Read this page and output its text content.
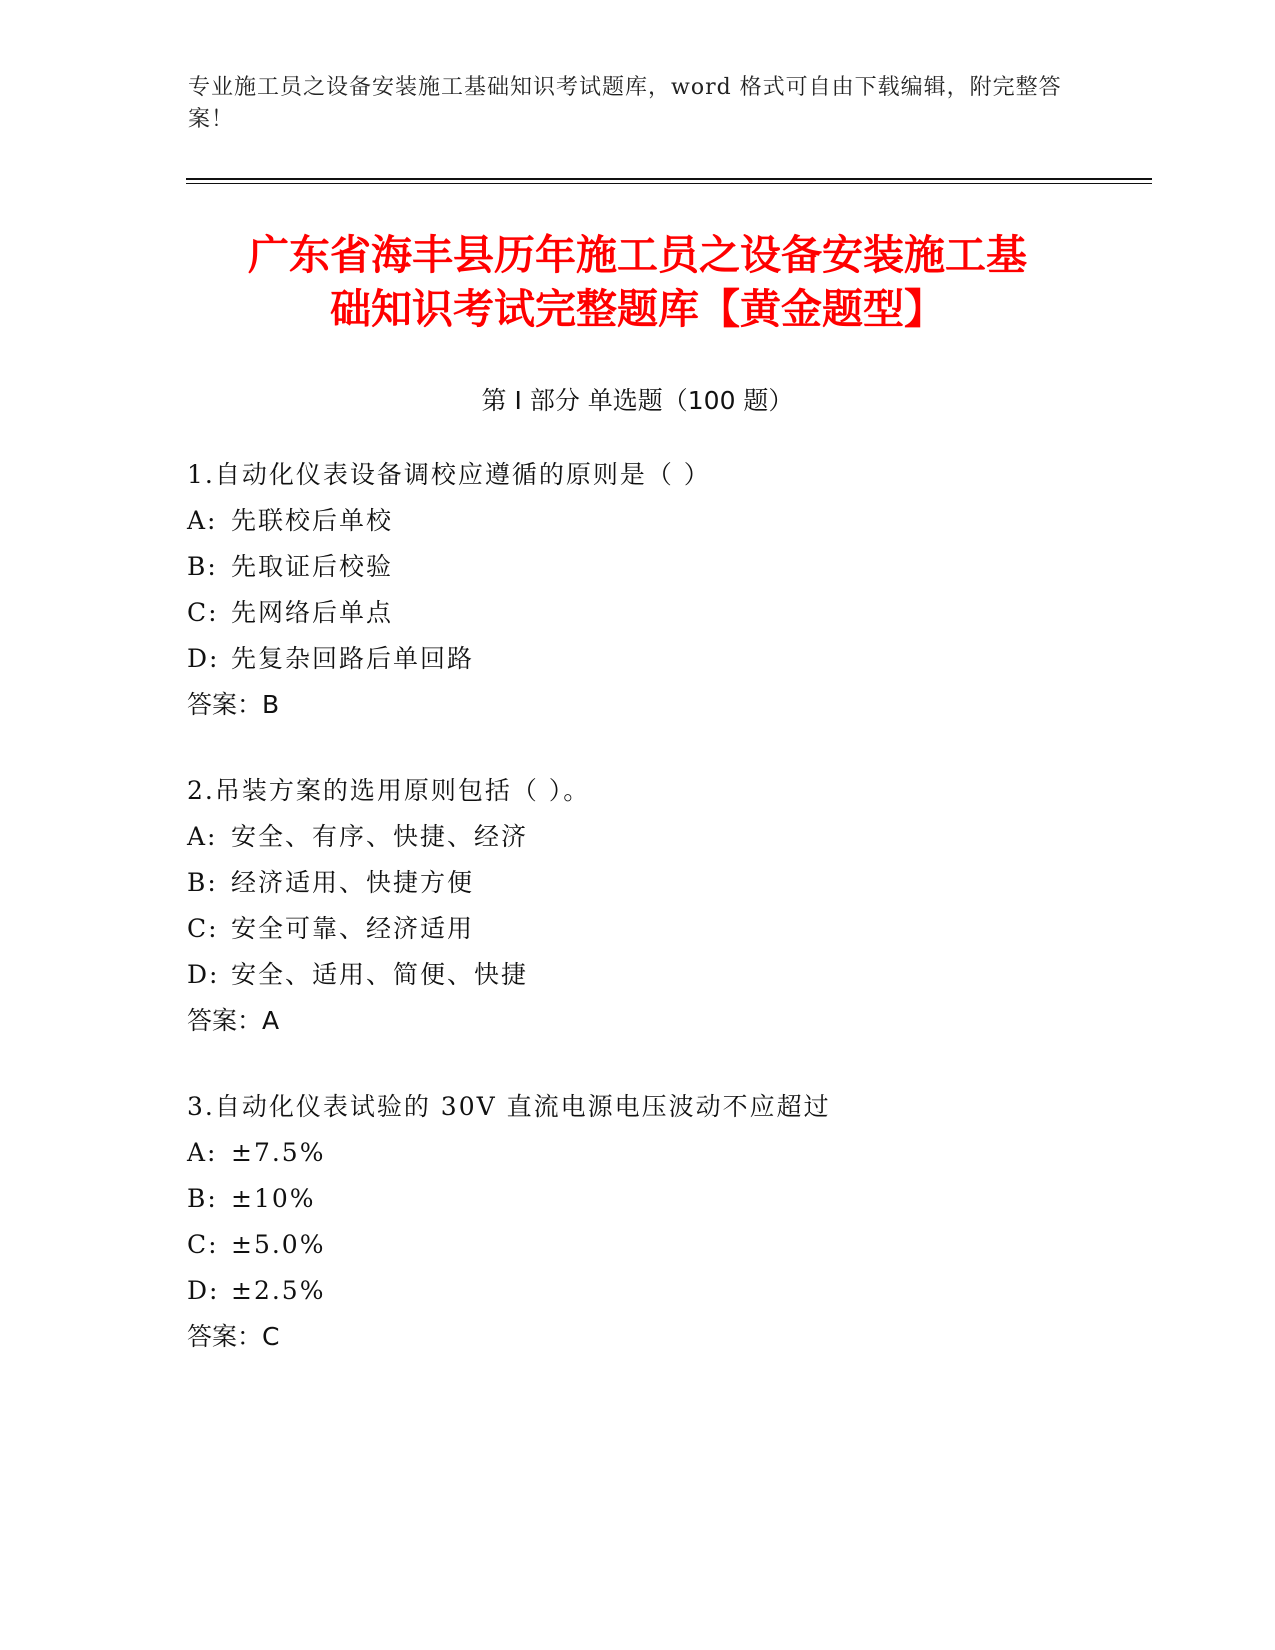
专业施工员之设备安装施工基础知识考试题库，word 格式可自由下载编辑，附完整答案！
广东省海丰县历年施工员之设备安装施工基
础知识考试完整题库【黄金题型】
第 I 部分 单选题（100 题）
1.自动化仪表设备调校应遵循的原则是（ ）
A: 先联校后单校
B: 先取证后校验
C: 先网络后单点
D: 先复杂回路后单回路
答案：B
2.吊装方案的选用原则包括（ ）。
A: 安全、有序、快捷、经济
B: 经济适用、快捷方便
C: 安全可靠、经济适用
D: 安全、适用、简便、快捷
答案：A
3.自动化仪表试验的 30V 直流电源电压波动不应超过
A: ±7.5%
B: ±10%
C: ±5.0%
D: ±2.5%
答案：C
